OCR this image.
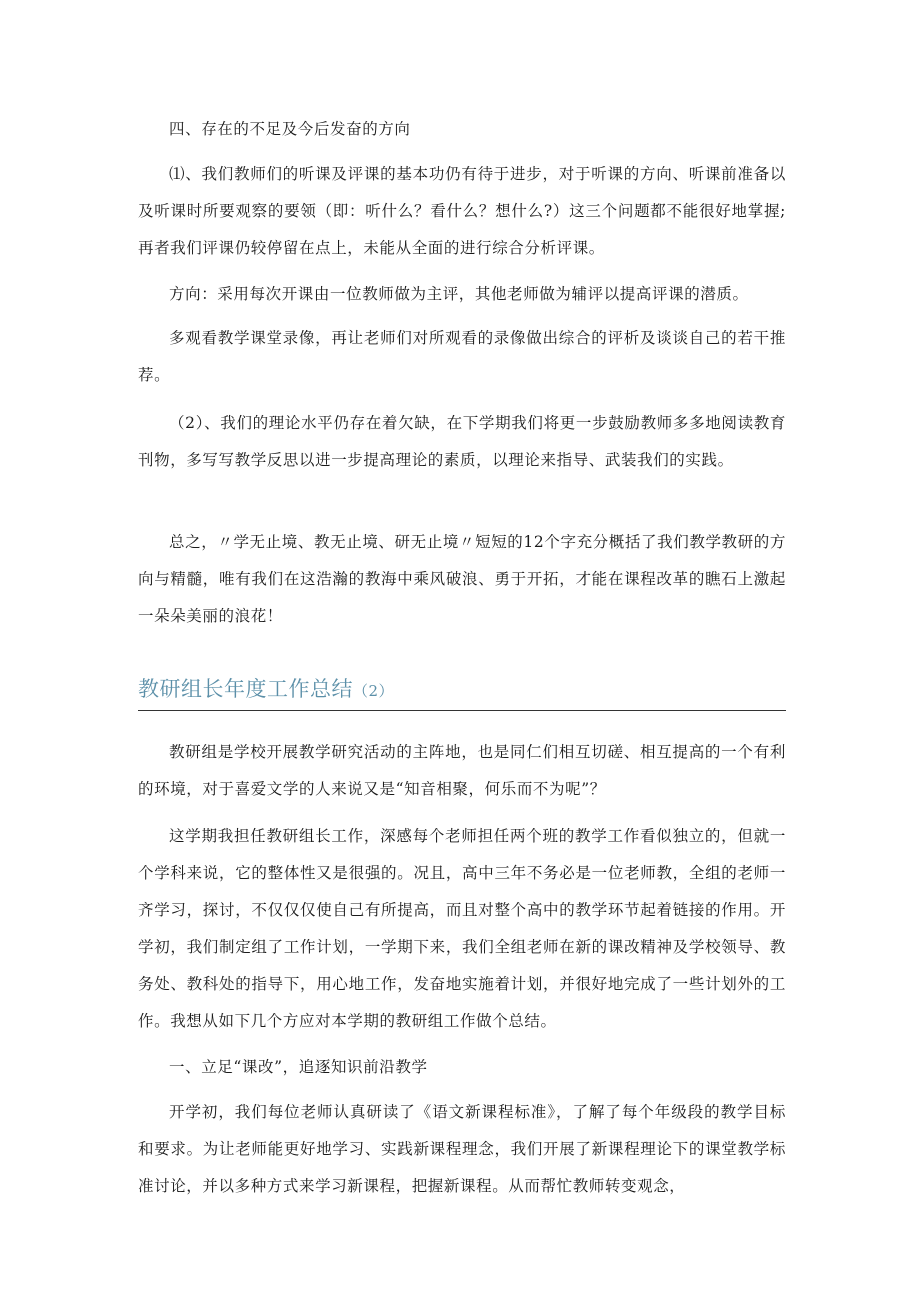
四、存在的不足及今后发奋的方向

⑴、我们教师们的听课及评课的基本功仍有待于进步，对于听课的方向、听课前准备以及听课时所要观察的要领（即：听什么？看什么？想什么?）这三个问题都不能很好地掌握;再者我们评课仍较停留在点上，未能从全面的进行综合分析评课。

方向：采用每次开课由一位教师做为主评，其他老师做为辅评以提高评课的潜质。

多观看教学课堂录像，再让老师们对所观看的录像做出综合的评析及谈谈自己的若干推荐。

（2）、我们的理论水平仍存在着欠缺，在下学期我们将更一步鼓励教师多多地阅读教育刊物，多写写教学反思以进一步提高理论的素质，以理论来指导、武装我们的实践。

总之，〃学无止境、教无止境、研无止境〃短短的12个字充分概括了我们教学教研的方向与精髓，唯有我们在这浩瀚的教海中乘风破浪、勇于开拓，才能在课程改革的瞧石上激起一朵朵美丽的浪花！

教研组长年度工作总结（2）

教研组是学校开展教学研究活动的主阵地，也是同仁们相互切磋、相互提高的一个有利的环境，对于喜爱文学的人来说又是“知音相聚，何乐而不为呢”？

这学期我担任教研组长工作，深感每个老师担任两个班的教学工作看似独立的，但就一个学科来说，它的整体性又是很强的。况且，高中三年不务必是一位老师教，全组的老师一齐学习，探讨，不仅仅仅使自己有所提高，而且对整个高中的教学环节起着链接的作用。开学初，我们制定组了工作计划，一学期下来，我们全组老师在新的课改精神及学校领导、教务处、教科处的指导下，用心地工作，发奋地实施着计划，并很好地完成了一些计划外的工作。我想从如下几个方应对本学期的教研组工作做个总结。

一、立足“课改”，追逐知识前沿教学

开学初，我们每位老师认真研读了《语文新课程标准》，了解了每个年级段的教学目标和要求。为让老师能更好地学习、实践新课程理念，我们开展了新课程理论下的课堂教学标准讨论，并以多种方式来学习新课程，把握新课程。从而帮忙教师转变观念，
